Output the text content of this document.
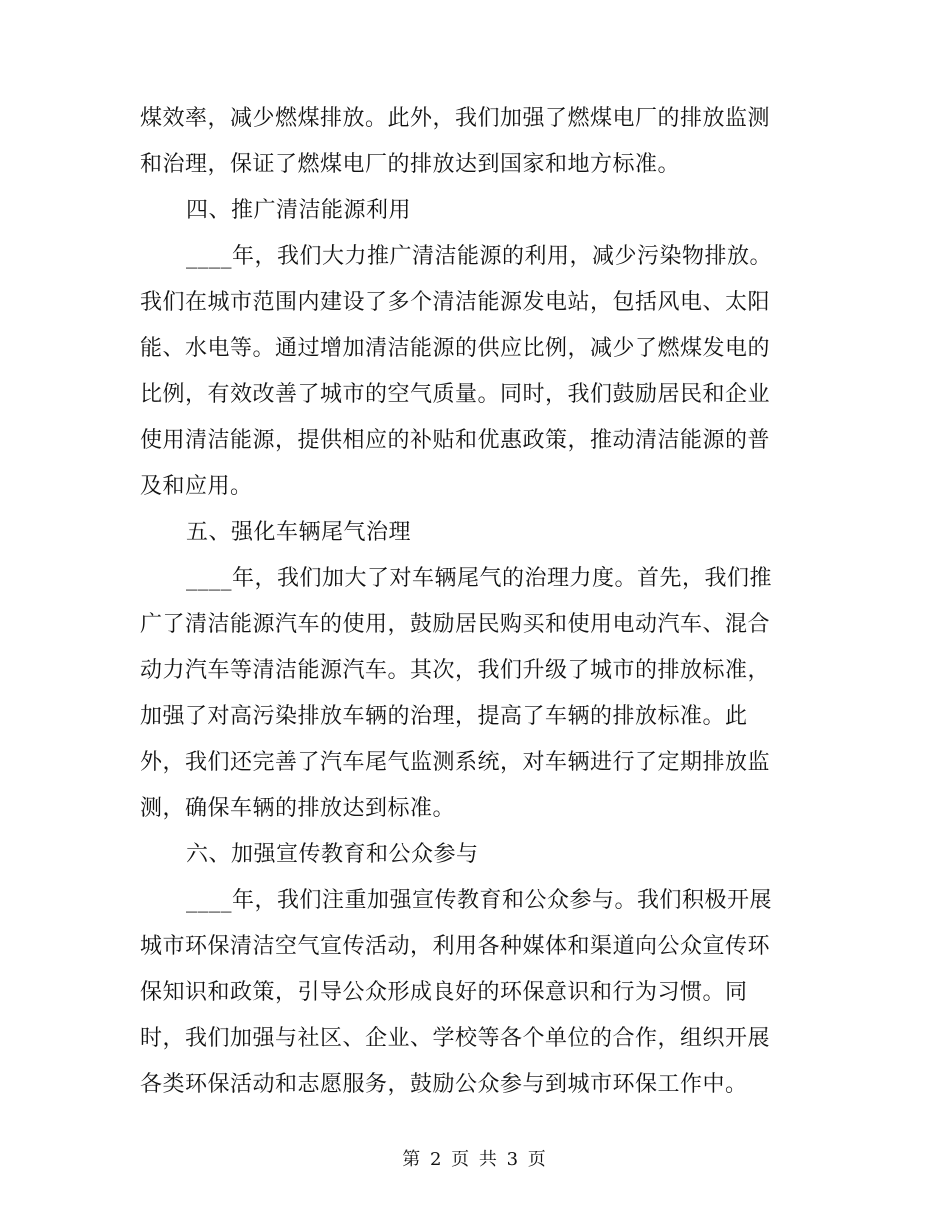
煤效率，减少燃煤排放。此外，我们加强了燃煤电厂的排放监测
和治理，保证了燃煤电厂的排放达到国家和地方标准。
四、推广清洁能源利用
____年，我们大力推广清洁能源的利用，减少污染物排放。
我们在城市范围内建设了多个清洁能源发电站，包括风电、太阳
能、水电等。通过增加清洁能源的供应比例，减少了燃煤发电的
比例，有效改善了城市的空气质量。同时，我们鼓励居民和企业
使用清洁能源，提供相应的补贴和优惠政策，推动清洁能源的普
及和应用。
五、强化车辆尾气治理
____年，我们加大了对车辆尾气的治理力度。首先，我们推
广了清洁能源汽车的使用，鼓励居民购买和使用电动汽车、混合
动力汽车等清洁能源汽车。其次，我们升级了城市的排放标准，
加强了对高污染排放车辆的治理，提高了车辆的排放标准。此
外，我们还完善了汽车尾气监测系统，对车辆进行了定期排放监
测，确保车辆的排放达到标准。
六、加强宣传教育和公众参与
____年，我们注重加强宣传教育和公众参与。我们积极开展
城市环保清洁空气宣传活动，利用各种媒体和渠道向公众宣传环
保知识和政策，引导公众形成良好的环保意识和行为习惯。同
时，我们加强与社区、企业、学校等各个单位的合作，组织开展
各类环保活动和志愿服务，鼓励公众参与到城市环保工作中。
第 2 页 共 3 页
